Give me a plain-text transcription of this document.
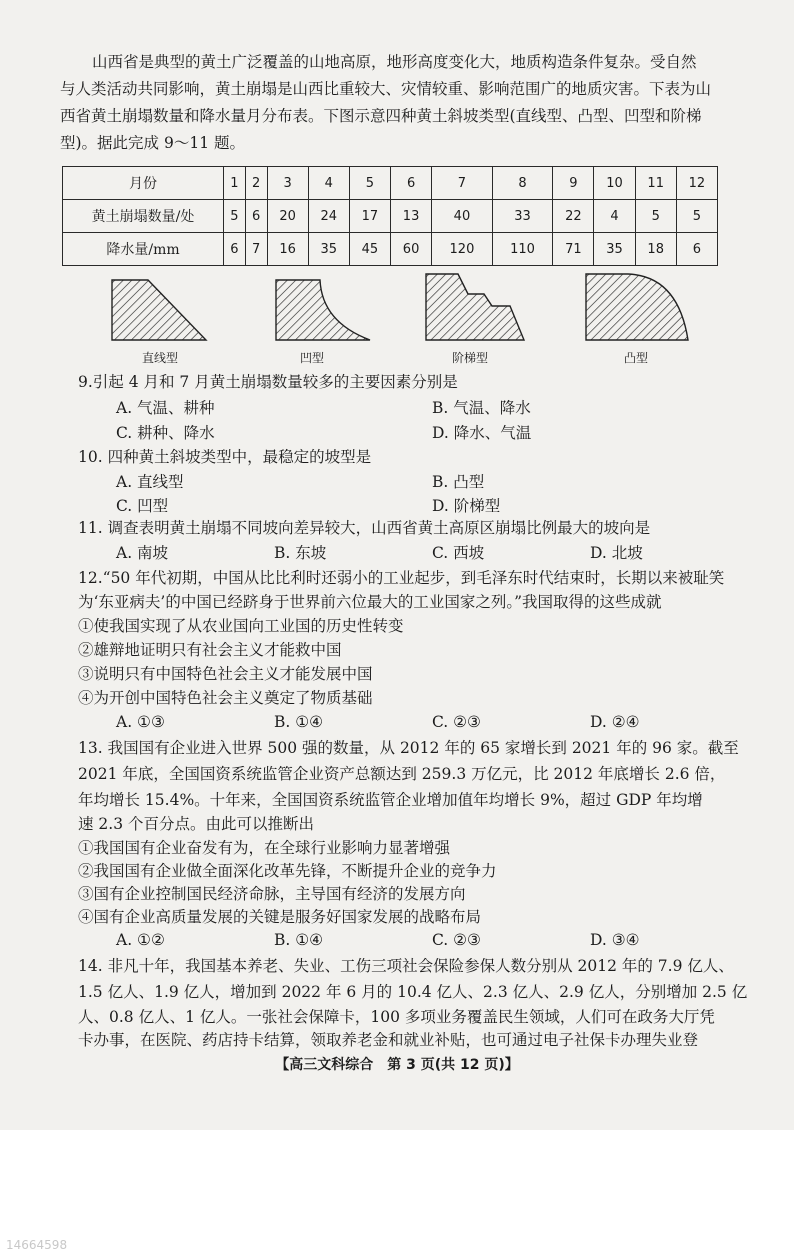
山西省是典型的黄土广泛覆盖的山地高原，地形高度变化大，地质构造条件复杂。受自然
与人类活动共同影响，黄土崩塌是山西比重较大、灾情较重、影响范围广的地质灾害。下表为山
西省黄土崩塌数量和降水量月分布表。下图示意四种黄土斜坡类型(直线型、凸型、凹型和阶梯
型)。据此完成 9～11 题。
月份	1	2	3	4	5	6	7	8	9	10	11	12
黄土崩塌数量/处	5	6	20	24	17	13	40	33	22	4	5	5
降水量/mm	6	7	16	35	45	60	120	110	71	35	18	6
直线型	凹型	阶梯型	凸型
9.引起 4 月和 7 月黄土崩塌数量较多的主要因素分别是
A. 气温、耕种	B. 气温、降水
C. 耕种、降水	D. 降水、气温
10. 四种黄土斜坡类型中，最稳定的坡型是
A. 直线型	B. 凸型
C. 凹型	D. 阶梯型
11. 调查表明黄土崩塌不同坡向差异较大，山西省黄土高原区崩塌比例最大的坡向是
A. 南坡	B. 东坡	C. 西坡	D. 北坡
12.“50 年代初期，中国从比比利时还弱小的工业起步，到毛泽东时代结束时，长期以来被耻笑
为‘东亚病夫’的中国已经跻身于世界前六位最大的工业国家之列。”我国取得的这些成就
①使我国实现了从农业国向工业国的历史性转变
②雄辩地证明只有社会主义才能救中国
③说明只有中国特色社会主义才能发展中国
④为开创中国特色社会主义奠定了物质基础
A. ①③	B. ①④	C. ②③	D. ②④
13. 我国国有企业进入世界 500 强的数量，从 2012 年的 65 家增长到 2021 年的 96 家。截至
2021 年底，全国国资系统监管企业资产总额达到 259.3 万亿元，比 2012 年底增长 2.6 倍，
年均增长 15.4%。十年来，全国国资系统监管企业增加值年均增长 9%，超过 GDP 年均增
速 2.3 个百分点。由此可以推断出
①我国国有企业奋发有为，在全球行业影响力显著增强
②我国国有企业做全面深化改革先锋，不断提升企业的竞争力
③国有企业控制国民经济命脉，主导国有经济的发展方向
④国有企业高质量发展的关键是服务好国家发展的战略布局
A. ①②	B. ①④	C. ②③	D. ③④
14. 非凡十年，我国基本养老、失业、工伤三项社会保险参保人数分别从 2012 年的 7.9 亿人、
1.5 亿人、1.9 亿人，增加到 2022 年 6 月的 10.4 亿人、2.3 亿人、2.9 亿人，分别增加 2.5 亿
人、0.8 亿人、1 亿人。一张社会保障卡，100 多项业务覆盖民生领域，人们可在政务大厅凭
卡办事，在医院、药店持卡结算，领取养老金和就业补贴，也可通过电子社保卡办理失业登
【高三文科综合　第 3 页(共 12 页)】
14664598
